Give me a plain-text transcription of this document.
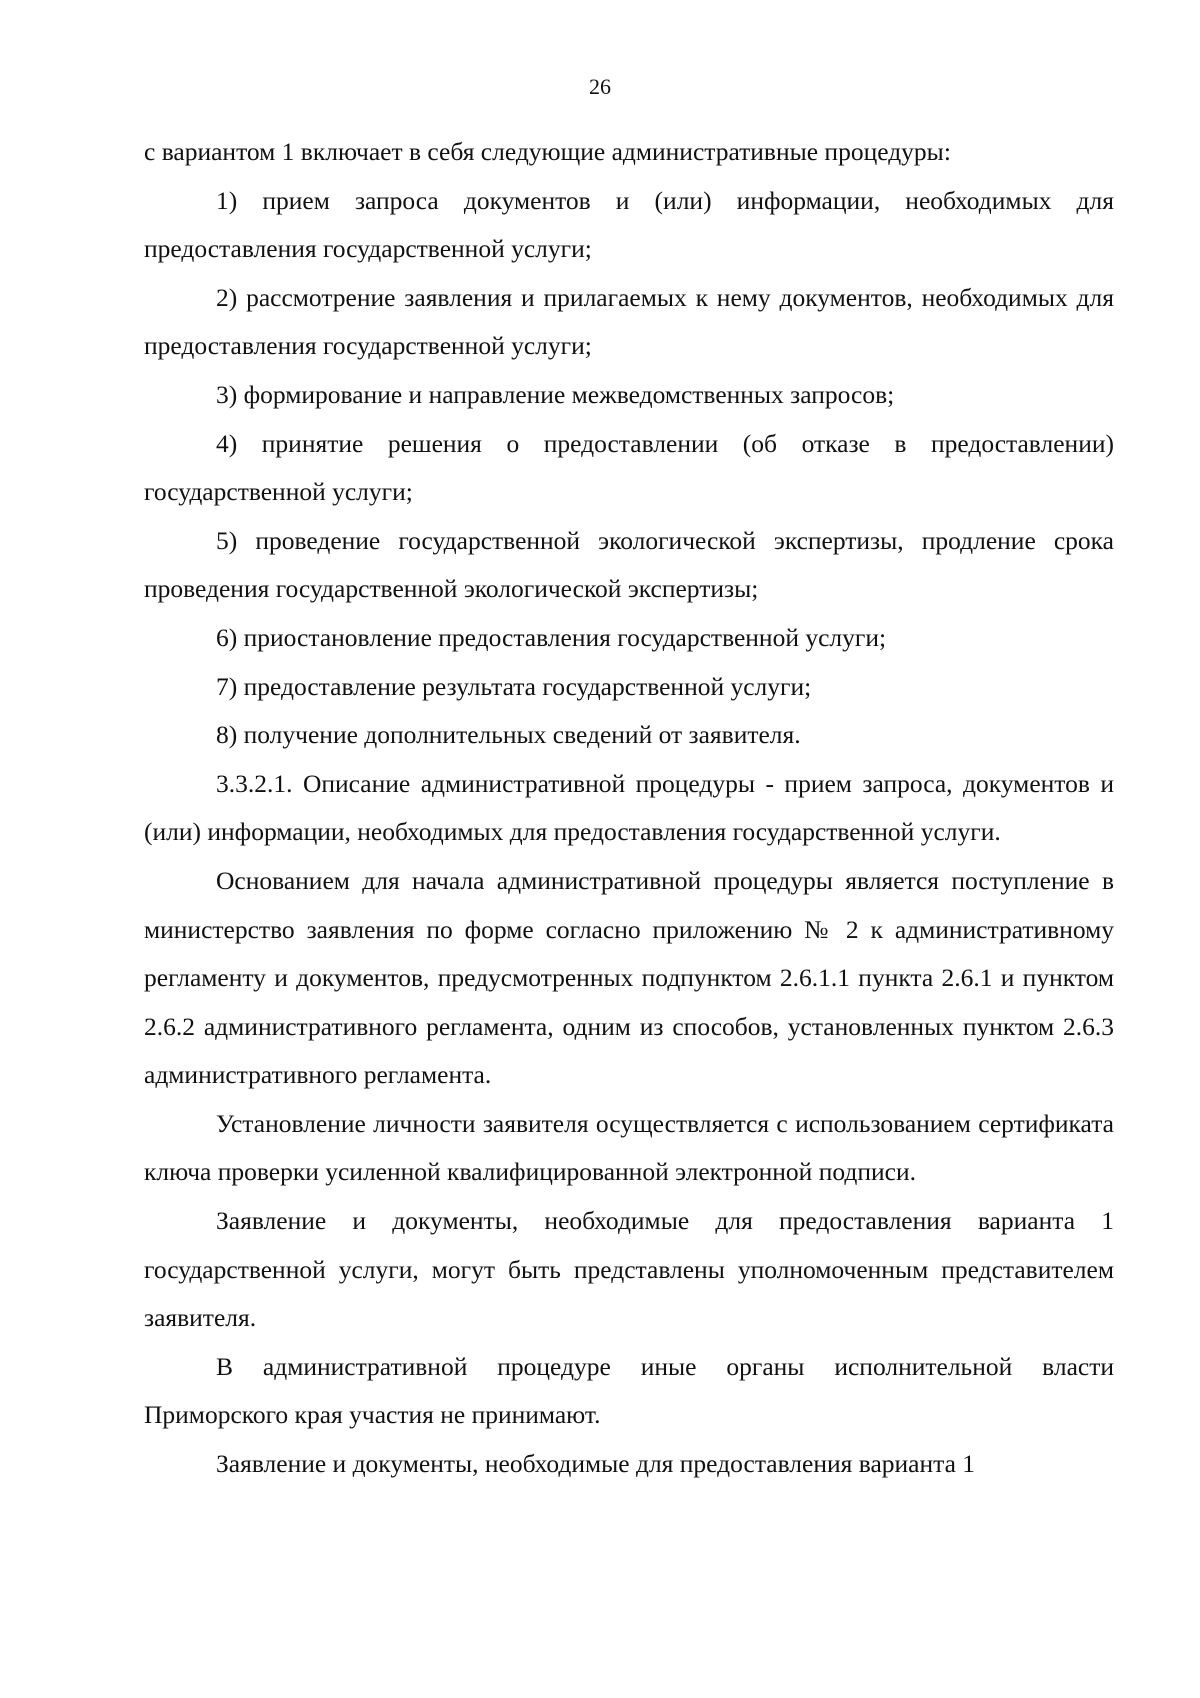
26

с вариантом 1 включает в себя следующие административные процедуры:

1) прием запроса документов и (или) информации, необходимых для предоставления государственной услуги;

2) рассмотрение заявления и прилагаемых к нему документов, необходимых для предоставления государственной услуги;

3) формирование и направление межведомственных запросов;

4) принятие решения о предоставлении (об отказе в предоставлении) государственной услуги;

5) проведение государственной экологической экспертизы, продление срока проведения государственной экологической экспертизы;

6) приостановление предоставления государственной услуги;

7) предоставление результата государственной услуги;

8) получение дополнительных сведений от заявителя.

3.3.2.1. Описание административной процедуры - прием запроса, документов и (или) информации, необходимых для предоставления государственной услуги.

Основанием для начала административной процедуры является поступление в министерство заявления по форме согласно приложению № 2 к административному регламенту и документов, предусмотренных подпунктом 2.6.1.1 пункта 2.6.1 и пунктом 2.6.2 административного регламента, одним из способов, установленных пунктом 2.6.3 административного регламента.

Установление личности заявителя осуществляется с использованием сертификата ключа проверки усиленной квалифицированной электронной подписи.

Заявление и документы, необходимые для предоставления варианта 1 государственной услуги, могут быть представлены уполномоченным представителем заявителя.

В административной процедуре иные органы исполнительной власти Приморского края участия не принимают.

Заявление и документы, необходимые для предоставления варианта 1
